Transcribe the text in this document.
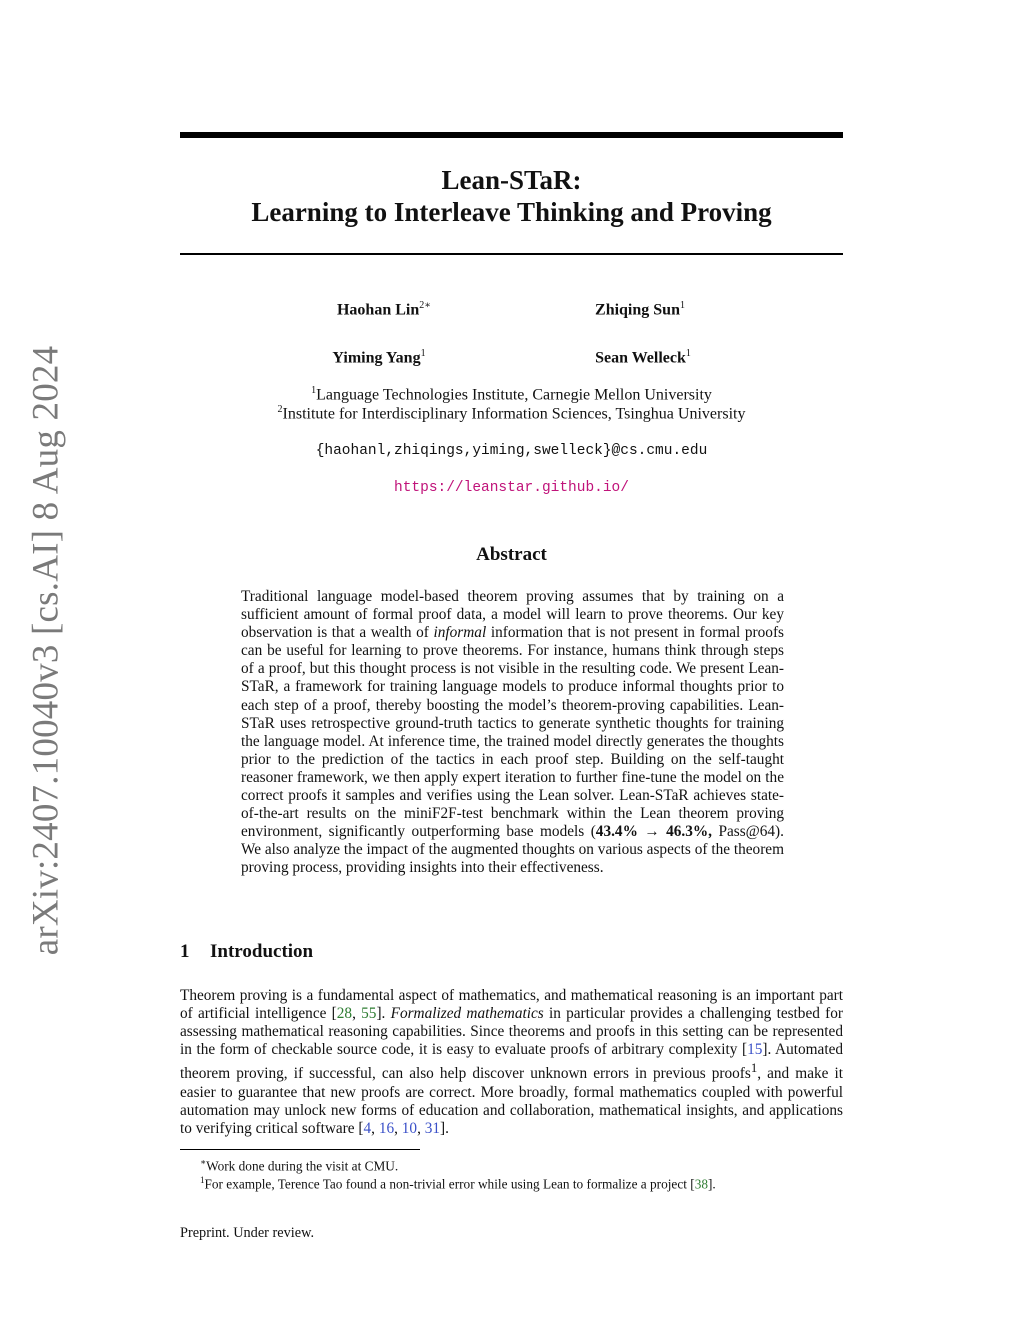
arXiv:2407.10040v3 [cs.AI] 8 Aug 2024
Lean-STaR:
Learning to Interleave Thinking and Proving
Haohan Lin$^{2∗}$	Zhiqing Sun$^1$
Yiming Yang$^1$	Sean Welleck$^1$
$^1$Language Technologies Institute, Carnegie Mellon University
$^2$Institute for Interdisciplinary Information Sciences, Tsinghua University
{haohanl,zhiqings,yiming,swelleck}@cs.cmu.edu
https://leanstar.github.io/
Abstract

Traditional language model-based theorem proving assumes that by training on a sufficient amount of formal proof data, a model will learn to prove theorems. Our key observation is that a wealth of informal information that is not present in formal proofs can be useful for learning to prove theorems. For instance, humans think through steps of a proof, but this thought process is not visible in the resulting code. We present Lean-STaR, a framework for training language models to produce informal thoughts prior to each step of a proof, thereby boosting the model’s theorem-proving capabilities. Lean-STaR uses retrospective ground-truth tactics to generate synthetic thoughts for training the language model. At inference time, the trained model directly generates the thoughts prior to the prediction of the tactics in each proof step. Building on the self-taught reasoner framework, we then apply expert iteration to further fine-tune the model on the correct proofs it samples and verifies using the Lean solver. Lean-STaR achieves state-of-the-art results on the miniF2F-test benchmark within the Lean theorem proving environment, significantly outperforming base models (43.4% → 46.3%, Pass@64). We also analyze the impact of the augmented thoughts on various aspects of the theorem proving process, providing insights into their effectiveness.

1 Introduction

Theorem proving is a fundamental aspect of mathematics, and mathematical reasoning is an important part of artificial intelligence [28, 55]. Formalized mathematics in particular provides a challenging testbed for assessing mathematical reasoning capabilities. Since theorems and proofs in this setting can be represented in the form of checkable source code, it is easy to evaluate proofs of arbitrary complexity [15]. Automated theorem proving, if successful, can also help discover unknown errors in previous proofs$^1$, and make it easier to guarantee that new proofs are correct. More broadly, formal mathematics coupled with powerful automation may unlock new forms of education and collaboration, mathematical insights, and applications to verifying critical software [4, 16, 10, 31].

∗Work done during the visit at CMU.
$^1$For example, Terence Tao found a non-trivial error while using Lean to formalize a project [38].
Preprint. Under review.
